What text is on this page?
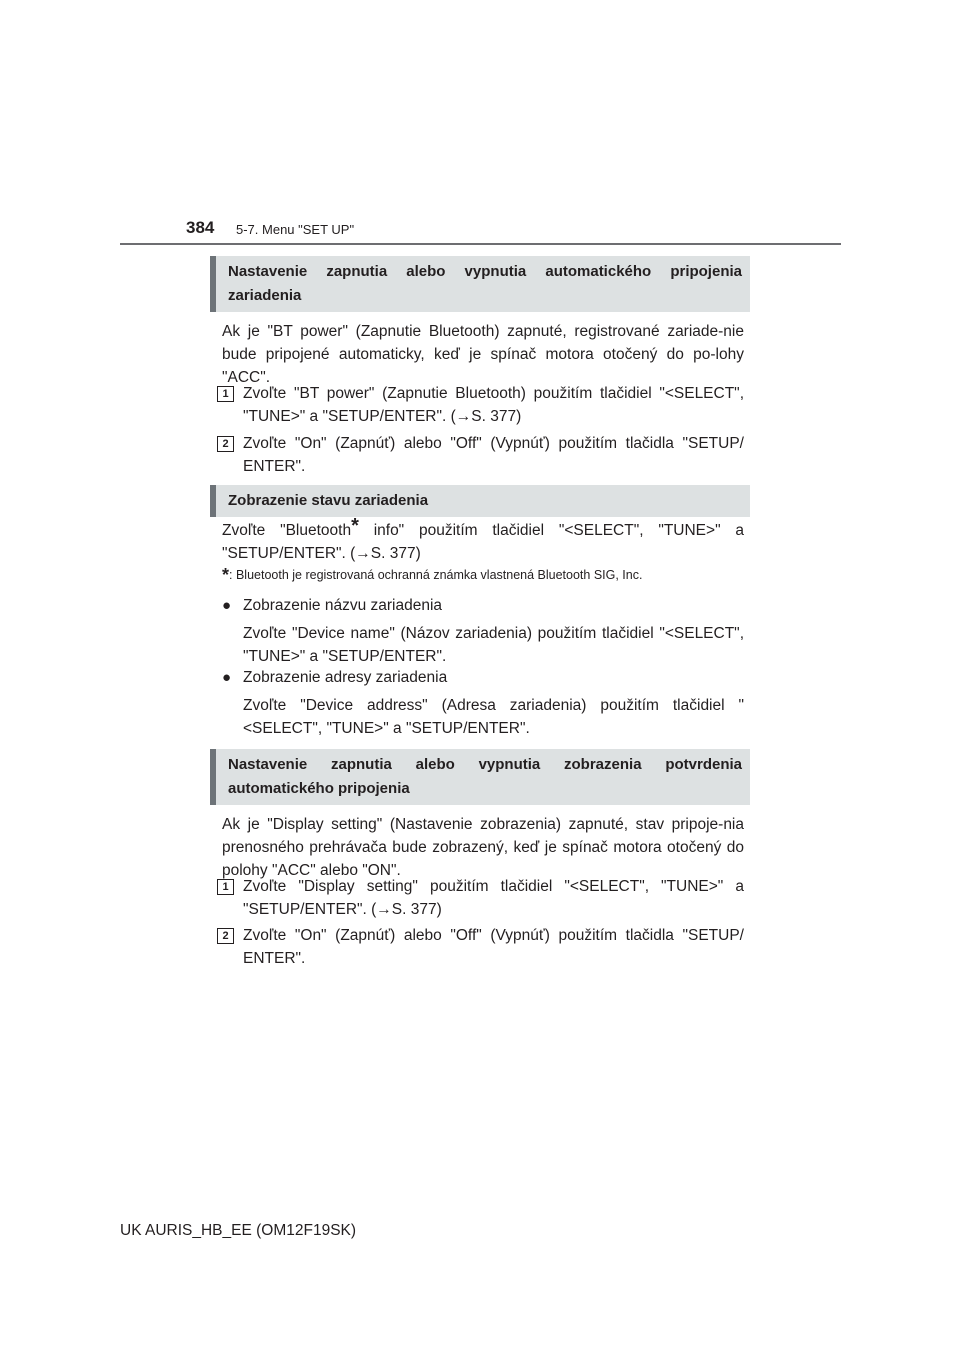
384 5-7. Menu "SET UP"
Nastavenie zapnutia alebo vypnutia automatického pripojenia zariadenia

Ak je "BT power" (Zapnutie Bluetooth) zapnuté, registrované zariade-nie bude pripojené automaticky, keď je spínač motora otočený do po-lohy "ACC".

1 Zvoľte "BT power" (Zapnutie Bluetooth) použitím tlačidiel "<SELECT", "TUNE>" a "SETUP/ENTER". (→S. 377)

2 Zvoľte "On" (Zapnúť) alebo "Off" (Vypnúť) použitím tlačidla "SETUP/ ENTER".

Zobrazenie stavu zariadenia

Zvoľte "Bluetooth* info" použitím tlačidiel "<SELECT", "TUNE>" a "SETUP/ENTER". (→S. 377)

*: Bluetooth je registrovaná ochranná známka vlastnená Bluetooth SIG, Inc.

● Zobrazenie názvu zariadenia

Zvoľte "Device name" (Názov zariadenia) použitím tlačidiel "<SELECT", "TUNE>" a "SETUP/ENTER".

● Zobrazenie adresy zariadenia

Zvoľte "Device address" (Adresa zariadenia) použitím tlačidiel "<SELECT", "TUNE>" a "SETUP/ENTER".

Nastavenie zapnutia alebo vypnutia zobrazenia potvrdenia automatického pripojenia

Ak je "Display setting" (Nastavenie zobrazenia) zapnuté, stav pripoje-nia prenosného prehrávača bude zobrazený, keď je spínač motora otočený do polohy "ACC" alebo "ON".

1 Zvoľte "Display setting" použitím tlačidiel "<SELECT", "TUNE>" a "SETUP/ENTER". (→S. 377)

2 Zvoľte "On" (Zapnúť) alebo "Off" (Vypnúť) použitím tlačidla "SETUP/ ENTER".

UK AURIS_HB_EE (OM12F19SK)
